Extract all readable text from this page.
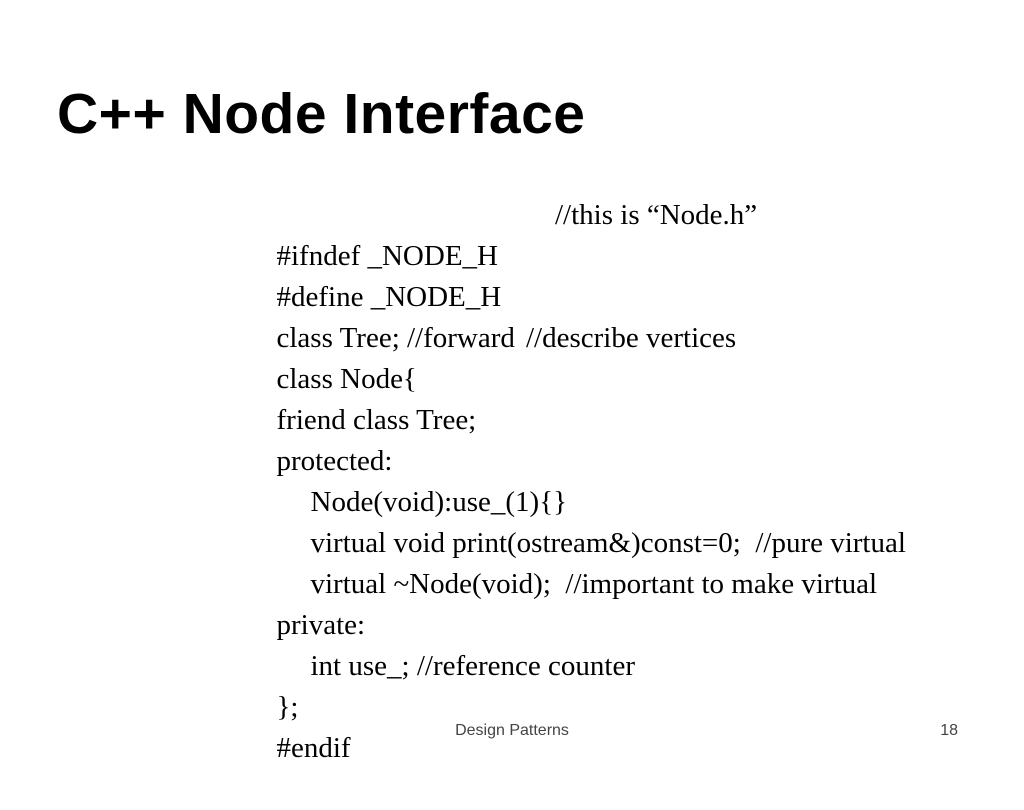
C++ Node Interface

#ifndef _NODE_H

//this is “Node.h”

#define _NODE_H

class Tree; //forward

class Node{

//describe vertices

friend class Tree;

protected:

Node(void):use_(1){}

virtual void print(ostream&)const=0;  //pure virtual

virtual ~Node(void);  //important to make virtual

private:

int use_; //reference counter

};

#endif

Design Patterns	18
